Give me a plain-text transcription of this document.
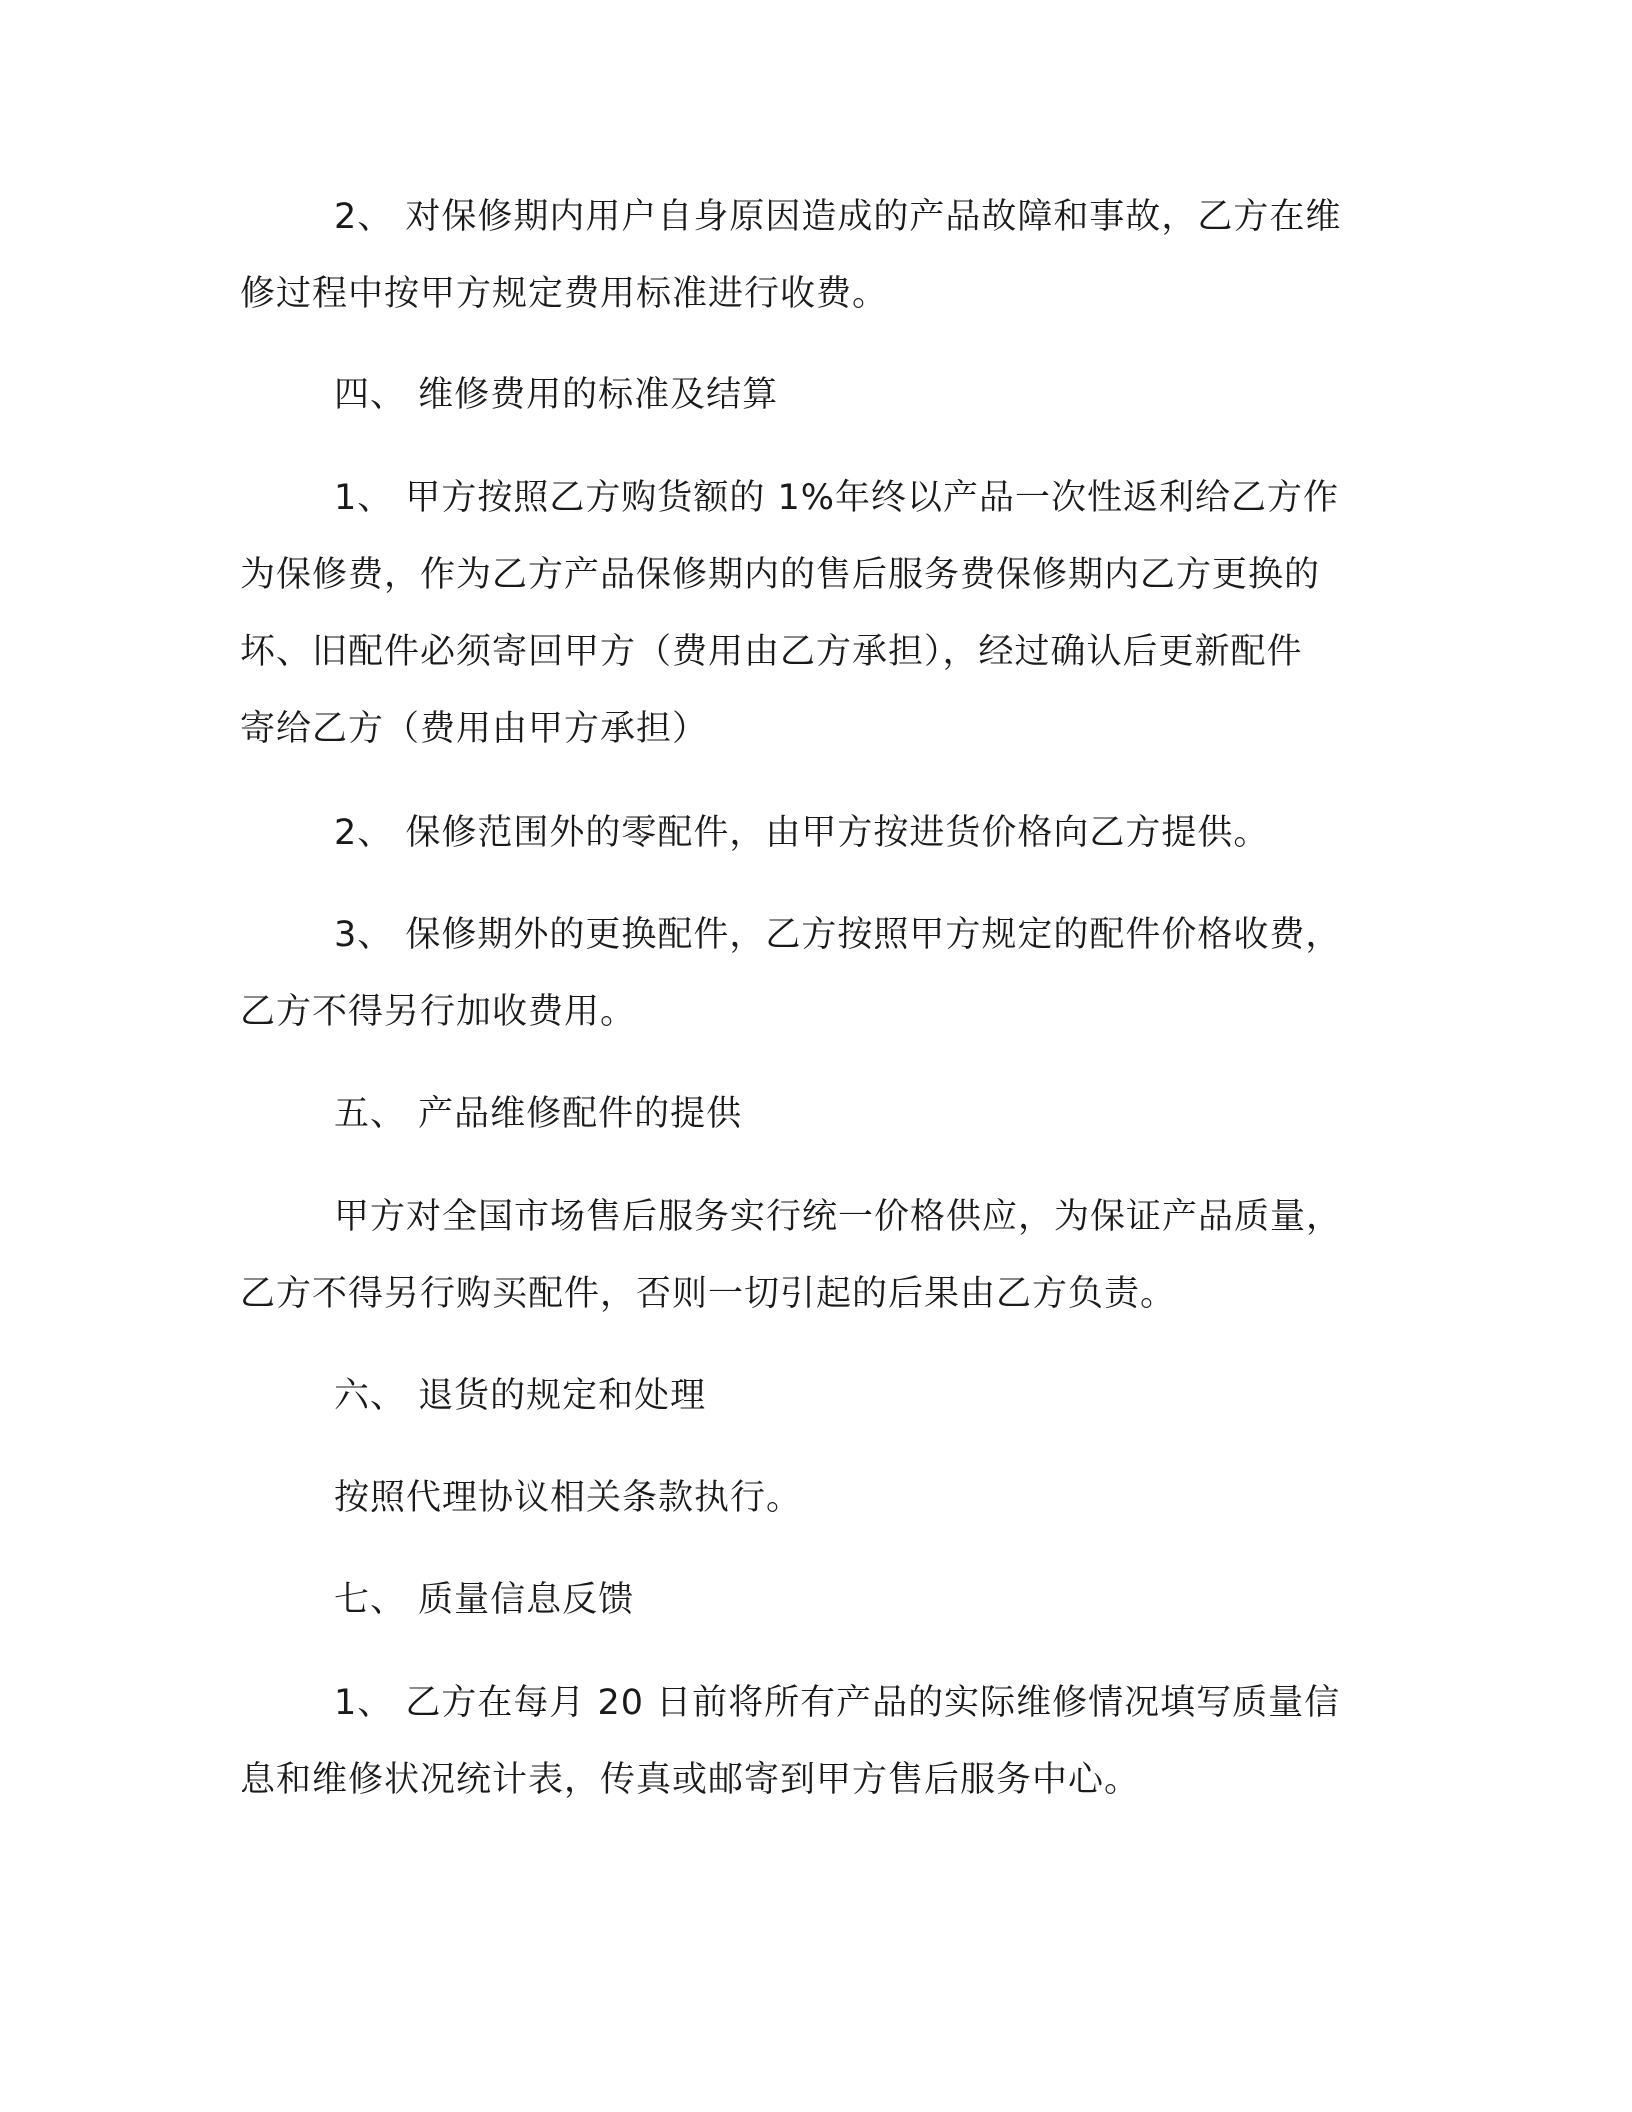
2、 对保修期内用户自身原因造成的产品故障和事故，乙方在维
修过程中按甲方规定费用标准进行收费。
四、 维修费用的标准及结算
1、 甲方按照乙方购货额的 1%年终以产品一次性返利给乙方作
为保修费，作为乙方产品保修期内的售后服务费保修期内乙方更换的
坏、旧配件必须寄回甲方（费用由乙方承担），经过确认后更新配件
寄给乙方（费用由甲方承担）
2、 保修范围外的零配件，由甲方按进货价格向乙方提供。
3、 保修期外的更换配件，乙方按照甲方规定的配件价格收费，
乙方不得另行加收费用。
五、 产品维修配件的提供
甲方对全国市场售后服务实行统一价格供应，为保证产品质量，
乙方不得另行购买配件，否则一切引起的后果由乙方负责。
六、 退货的规定和处理
按照代理协议相关条款执行。
七、 质量信息反馈
1、 乙方在每月 20 日前将所有产品的实际维修情况填写质量信
息和维修状况统计表，传真或邮寄到甲方售后服务中心。
